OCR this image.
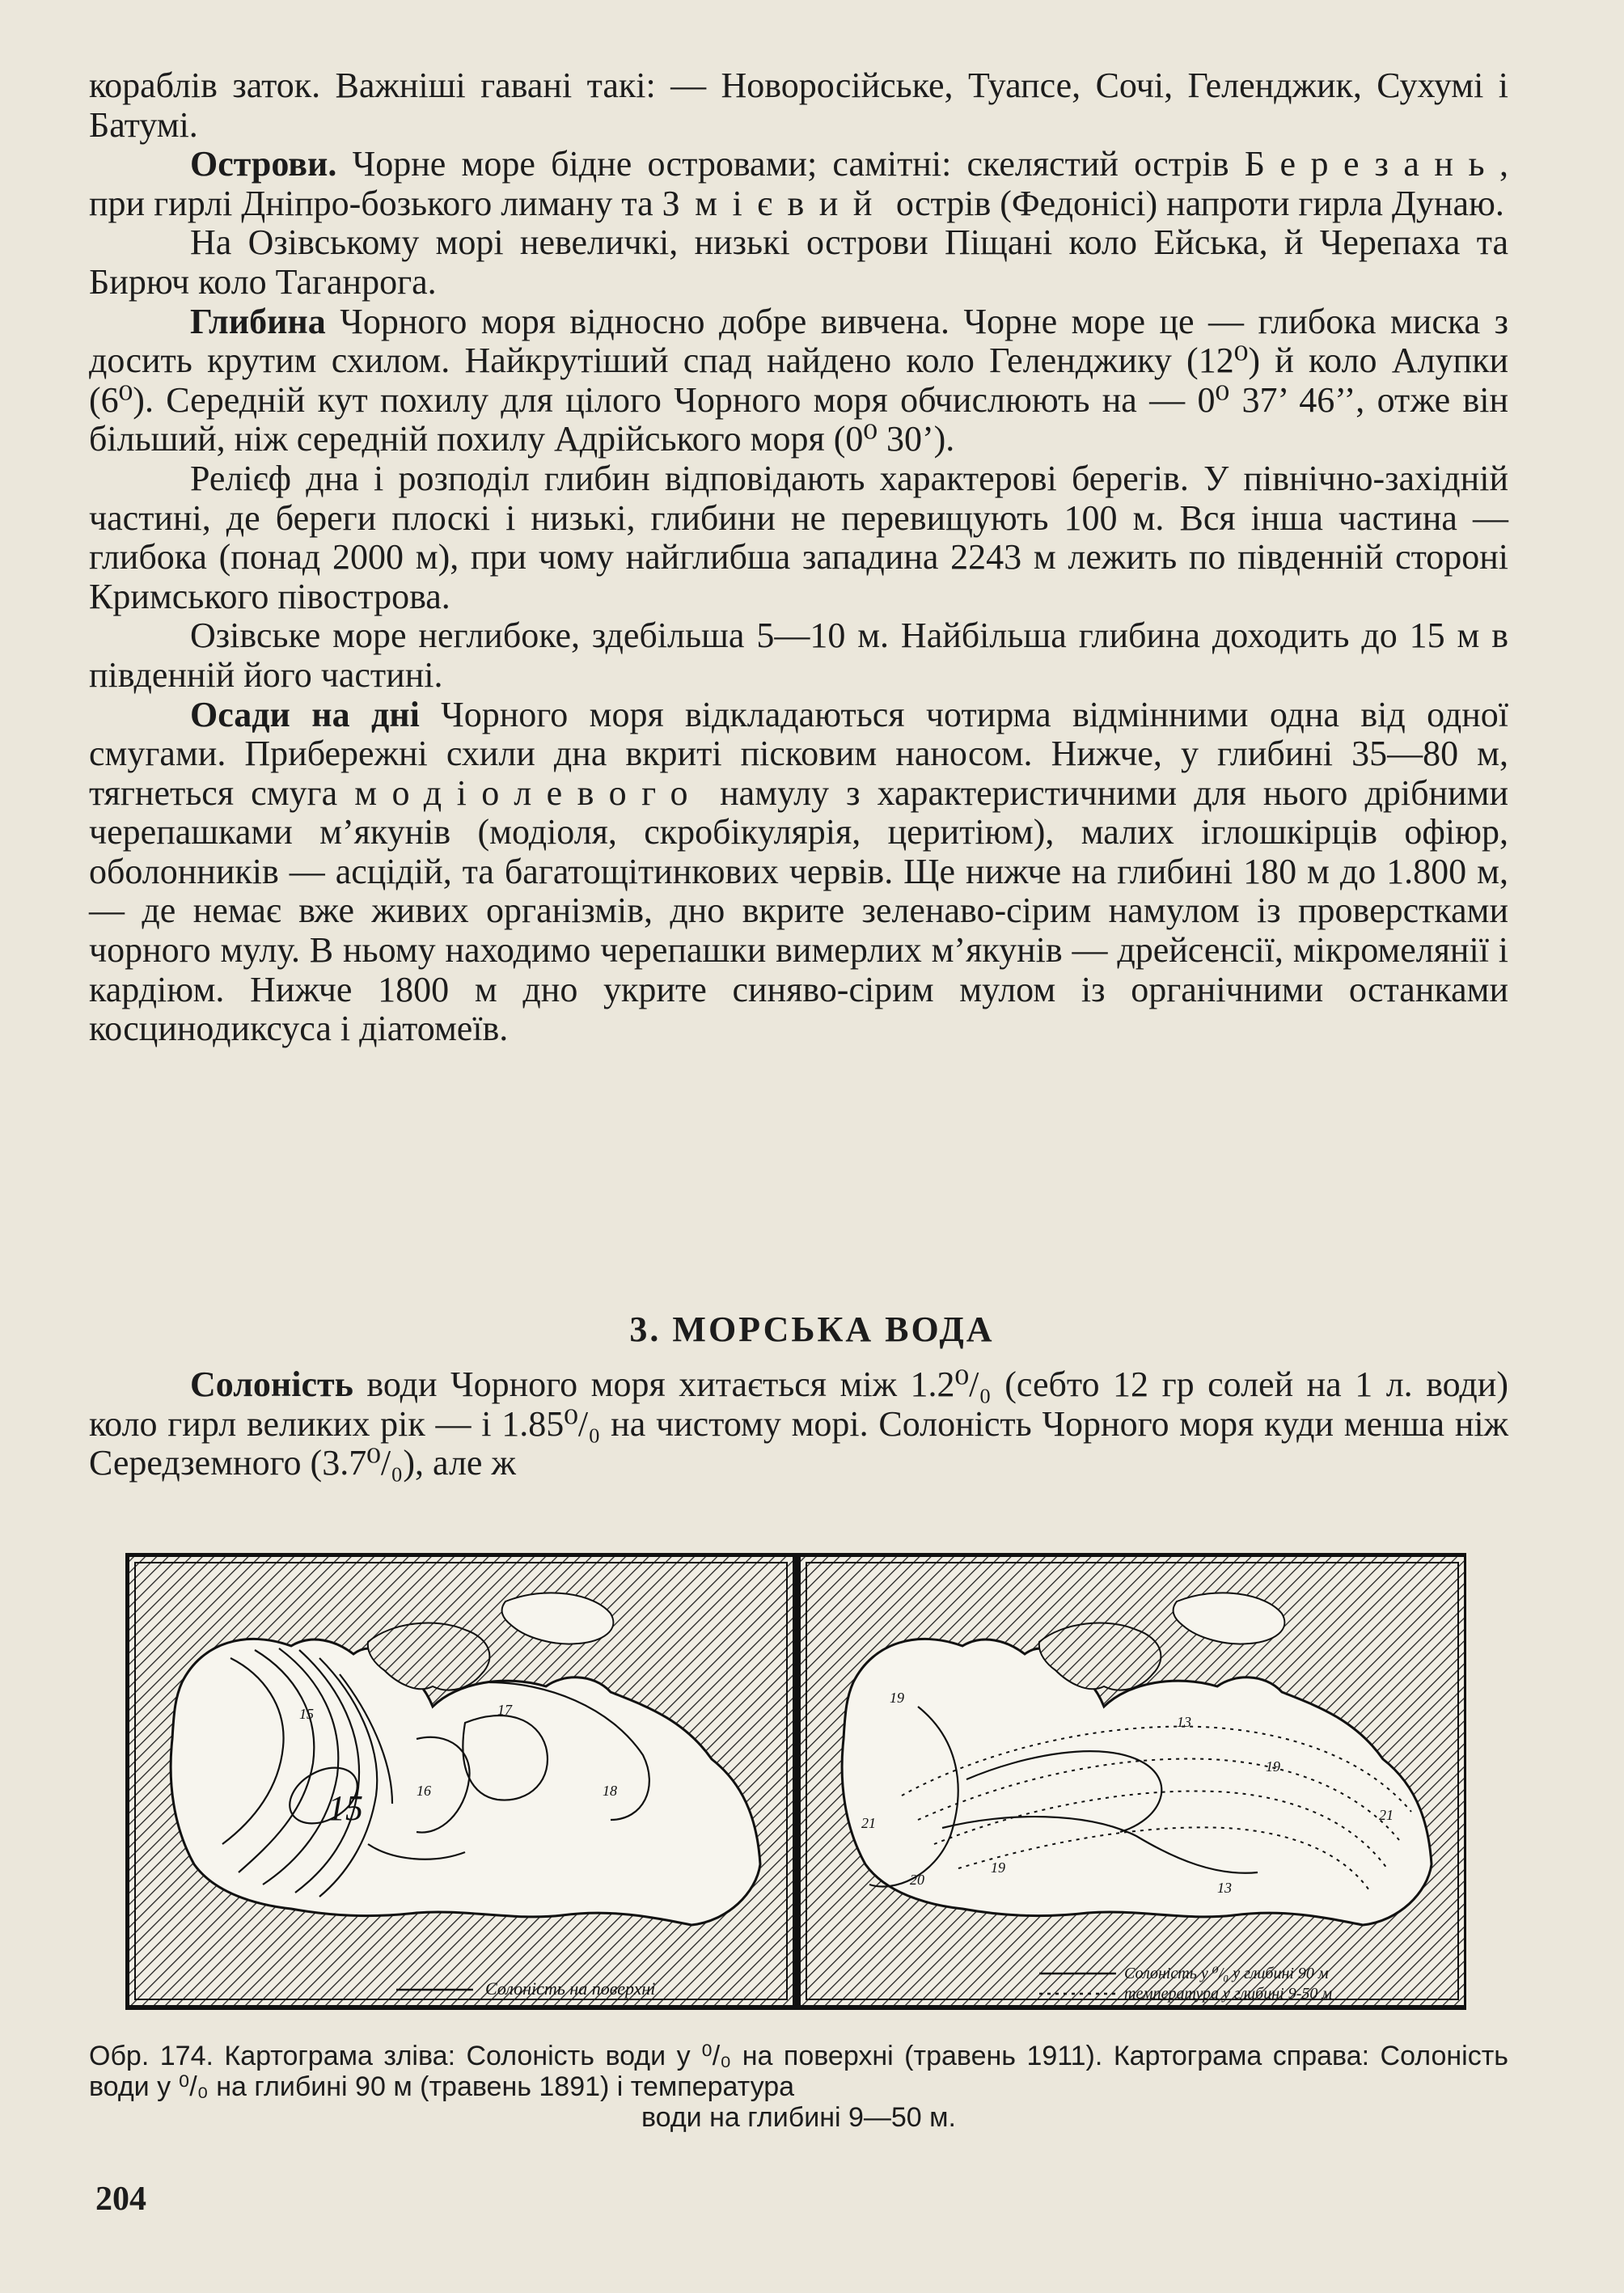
кораблів заток. Важніші гавані такі: — Новоросійське, Туапсе, Сочі, Геленджик, Сухумі і Батумі.

Острови. Чорне море бідне островами; самітні: скелястий острів Березань, при гирлі Дніпро-бозького лиману та Змієвий острів (Федонісі) напроти гирла Дунаю.

На Озівському морі невеличкі, низькі острови Піщані коло Ейська, й Черепаха та Бирюч коло Таганрога.

Глибина Чорного моря відносно добре вивчена. Чорне море це — глибока миска з досить крутим схилом. Найкрутіший спад найдено коло Геленджику (12⁰) й коло Алупки (6⁰). Середній кут похилу для цілого Чорного моря обчислюють на — 0⁰ 37’ 46’’, отже він більший, ніж середній похилу Адрійського моря (0⁰ 30’).

Релієф дна і розподіл глибин відповідають характерові берегів. У північно-західній частині, де береги плоскі і низькі, глибини не перевищують 100 м. Вся інша частина — глибока (понад 2000 м), при чому найглибша западина 2243 м лежить по південній стороні Кримського півострова.

Озівське море неглибоке, здебільша 5—10 м. Найбільша глибина доходить до 15 м в південній його частині.

Осади на дні Чорного моря відкладаються чотирма відмінними одна від одної смугами. Прибережні схили дна вкриті пісковим наносом. Нижче, у глибині 35—80 м, тягнеться смуга модіолевого намулу з характеристичними для нього дрібними черепашками м’якунів (модіоля, скробікулярія, церитіюм), малих іглошкірців офіюр, оболонників — асцідій, та багатощітинкових червів. Ще нижче на глибині 180 м до 1.800 м, — де немає вже живих організмів, дно вкрите зеленаво-сірим намулом із проверстками чорного мулу. В ньому находимо черепашки вимерлих м’якунів — дрейсенсії, мікромелянії і кардіюм. Нижче 1800 м дно укрите синяво-сірим мулом із органічними останками косцинодиксуса і діатомеїв.

3. МОРСЬКА ВОДА

Солоність води Чорного моря хитається між 1.2⁰/₀ (себто 12 гр солей на 1 л. води) коло гирл великих рік — і 1.85⁰/₀ на чистому морі. Солоність Чорного моря куди менша ніж Середземного (3.7⁰/₀), але ж

15
15	16
17
18
Солоність на поверхні
19
21
20
19
13
19
21
13
Солоність у ⁰/₀ у глибині 90 м
температура у глибині 9-50 м
Обр. 174. Картограма зліва: Солоність води у ⁰/₀ на поверхні (травень 1911). Картограма справа: Солоність води у ⁰/₀ на глибині 90 м (травень 1891) і температура
води на глибині 9—50 м.
204
